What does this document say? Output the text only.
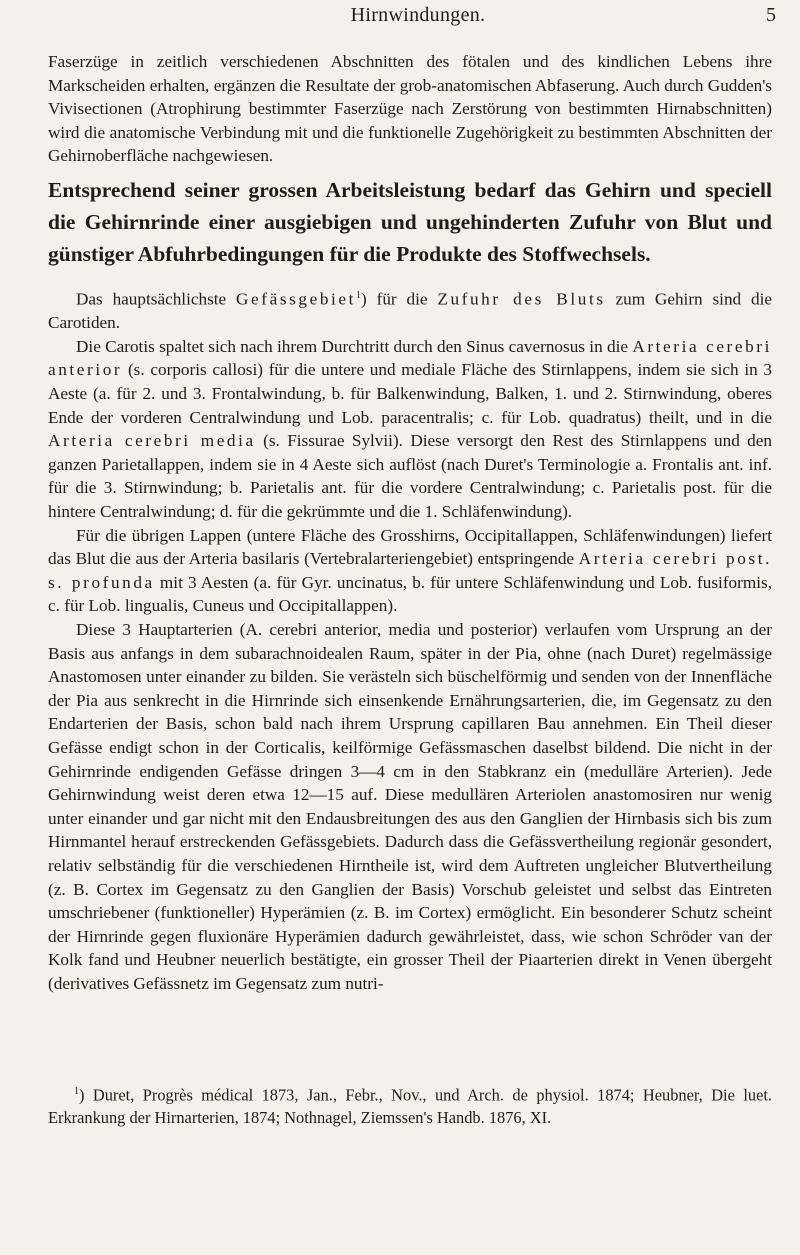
Hirnwindungen.	5

Faserzüge in zeitlich verschiedenen Abschnitten des fötalen und des kindlichen Lebens ihre Markscheiden erhalten, ergänzen die Resultate der grob-anatomischen Abfaserung. Auch durch Gudden's Vivisectionen (Atrophirung bestimmter Faserzüge nach Zerstörung von bestimmten Hirnabschnitten) wird die anatomische Verbindung mit und die funktionelle Zugehörigkeit zu bestimmten Abschnitten der Gehirnoberfläche nachgewiesen.

Entsprechend seiner grossen Arbeitsleistung bedarf das Gehirn und speciell die Gehirnrinde einer ausgiebigen und ungehinderten Zufuhr von Blut und günstiger Abfuhrbedingungen für die Produkte des Stoffwechsels.

Das hauptsächlichste Gefässgebiet$^1$) für die Zufuhr des Bluts zum Gehirn sind die Carotiden.

Die Carotis spaltet sich nach ihrem Durchtritt durch den Sinus cavernosus in die Arteria cerebri anterior (s. corporis callosi) für die untere und mediale Fläche des Stirnlappens, indem sie sich in 3 Aeste (a. für 2. und 3. Frontalwindung, b. für Balkenwindung, Balken, 1. und 2. Stirnwindung, oberes Ende der vorderen Centralwindung und Lob. paracentralis; c. für Lob. quadratus) theilt, und in die Arteria cerebri media (s. Fissurae Sylvii). Diese versorgt den Rest des Stirnlappens und den ganzen Parietallappen, indem sie in 4 Aeste sich auflöst (nach Duret's Terminologie a. Frontalis ant. inf. für die 3. Stirnwindung; b. Parietalis ant. für die vordere Centralwindung; c. Parietalis post. für die hintere Centralwindung; d. für die gekrümmte und die 1. Schläfenwindung).

Für die übrigen Lappen (untere Fläche des Grosshirns, Occipitallappen, Schläfenwindungen) liefert das Blut die aus der Arteria basilaris (Vertebralarteriengebiet) entspringende Arteria cerebri post. s. profunda mit 3 Aesten (a. für Gyr. uncinatus, b. für untere Schläfenwindung und Lob. fusiformis, c. für Lob. lingualis, Cuneus und Occipitallappen).

Diese 3 Hauptarterien (A. cerebri anterior, media und posterior) verlaufen vom Ursprung an der Basis aus anfangs in dem subarachnoidealen Raum, später in der Pia, ohne (nach Duret) regelmässige Anastomosen unter einander zu bilden. Sie verästeln sich büschelförmig und senden von der Innenfläche der Pia aus senkrecht in die Hirnrinde sich einsenkende Ernährungsarterien, die, im Gegensatz zu den Endarterien der Basis, schon bald nach ihrem Ursprung capillaren Bau annehmen. Ein Theil dieser Gefässe endigt schon in der Corticalis, keilförmige Gefässmaschen daselbst bildend. Die nicht in der Gehirnrinde endigenden Gefässe dringen 3—4 cm in den Stabkranz ein (medulläre Arterien). Jede Gehirnwindung weist deren etwa 12—15 auf. Diese medullären Arteriolen anastomosiren nur wenig unter einander und gar nicht mit den Endausbreitungen des aus den Ganglien der Hirnbasis sich bis zum Hirnmantel herauf erstreckenden Gefässgebiets. Dadurch dass die Gefässvertheilung regionär gesondert, relativ selbständig für die verschiedenen Hirntheile ist, wird dem Auftreten ungleicher Blutvertheilung (z. B. Cortex im Gegensatz zu den Ganglien der Basis) Vorschub geleistet und selbst das Eintreten umschriebener (funktioneller) Hyperämien (z. B. im Cortex) ermöglicht. Ein besonderer Schutz scheint der Hirnrinde gegen fluxionäre Hyperämien dadurch gewährleistet, dass, wie schon Schröder van der Kolk fand und Heubner neuerlich bestätigte, ein grosser Theil der Piaarterien direkt in Venen übergeht (derivatives Gefässnetz im Gegensatz zum nutri-

$^1$) Duret, Progrès médical 1873, Jan., Febr., Nov., und Arch. de physiol. 1874; Heubner, Die luet. Erkrankung der Hirnarterien, 1874; Nothnagel, Ziemssen's Handb. 1876, XI.
